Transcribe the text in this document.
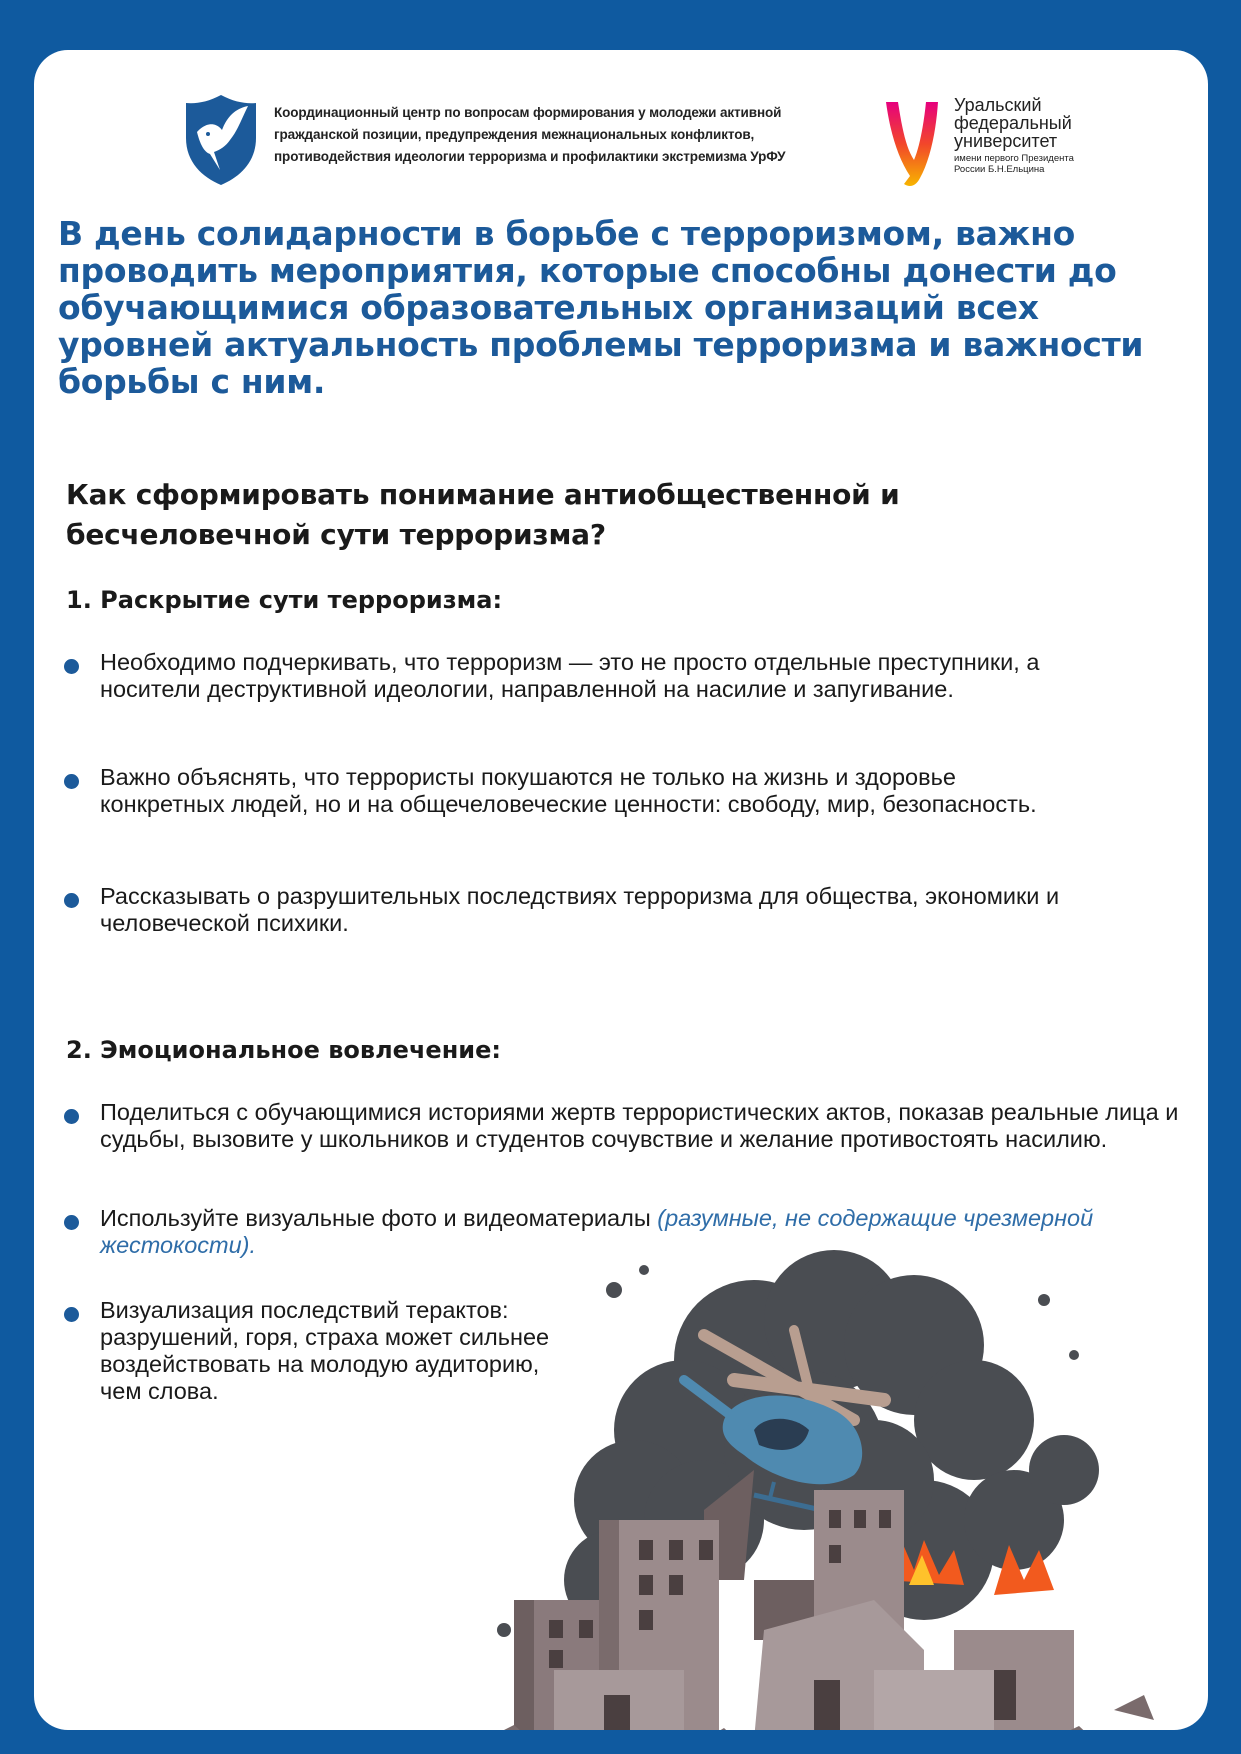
Координационный центр по вопросам формирования у молодежи активной гражданской позиции, предупреждения межнациональных конфликтов, противодействия идеологии терроризма и профилактики экстремизма УрФУ
Уральский федеральный университет
имени первого Президента России Б.Н.Ельцина
В день солидарности в борьбе с терроризмом, важно проводить мероприятия, которые способны донести до обучающимися образовательных организаций всех уровней актуальность проблемы терроризма и важности борьбы с ним.
Как сформировать понимание антиобщественной и бесчеловечной сути терроризма?
1. Раскрытие сути терроризма:
Необходимо подчеркивать, что терроризм — это не просто отдельные преступники, а носители деструктивной идеологии, направленной на насилие и запугивание.
Важно объяснять, что террористы покушаются не только на жизнь и здоровье конкретных людей, но и на общечеловеческие ценности: свободу, мир, безопасность.
Рассказывать о разрушительных последствиях терроризма для общества, экономики и человеческой психики.
2. Эмоциональное вовлечение:
Поделиться с обучающимися историями жертв террористических актов, показав реальные лица и судьбы, вызовите у школьников и студентов сочувствие и желание противостоять насилию.
Используйте визуальные фото и видеоматериалы (разумные, не содержащие чрезмерной жестокости).
Визуализация последствий терактов: разрушений, горя, страха может сильнее воздействовать на молодую аудиторию, чем слова.
